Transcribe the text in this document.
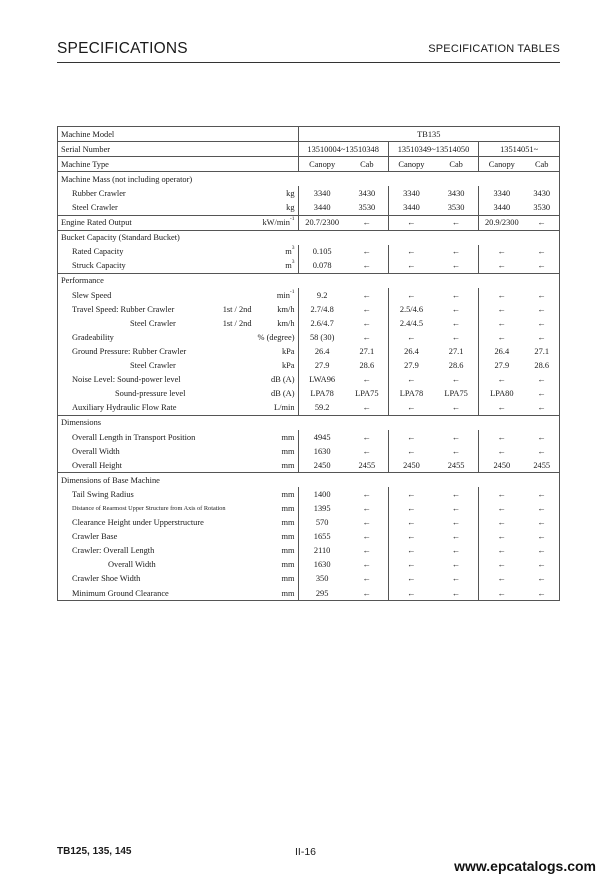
SPECIFICATIONS	SPECIFICATION TABLES
Machine Model		TB135					
Serial Number		13510004~13510348		13510349~13514050		13514051~	
Machine Type		Canopy	Cab	Canopy	Cab	Canopy	Cab
Machine Mass (not including operator)							
Rubber Crawler	kg	3340	3430	3340	3430	3340	3430
Steel Crawler	kg	3440	3530	3440	3530	3440	3530
Engine Rated Output	$kW/\min^{-1}$	20.7/2300	←	←	←	20.9/2300	←
Bucket Capacity (Standard Bucket)							
Rated Capacity	$m^3$	0.105	←	←	←	←	←
Struck Capacity	$m^3$	0.078	←	←	←	←	←
Performance							
Slew Speed	$\min^{-1}$	9.2	←	←	←	←	←
Travel Speed: Rubber Crawler 1st / 2nd	km/h	2.7/4.8	←	2.5/4.6	←	←	←
Steel Crawler 1st / 2nd	km/h	2.6/4.7	←	2.4/4.5	←	←	←
Gradeability	% (degree)	58 (30)	←	←	←	←	←
Ground Pressure: Rubber Crawler	kPa	26.4	27.1	26.4	27.1	26.4	27.1
Steel Crawler	kPa	27.9	28.6	27.9	28.6	27.9	28.6
Noise Level: Sound-power level	dB (A)	LWA96	←	←	←	←	←
Sound-pressure level	dB (A)	LPA78	LPA75	LPA78	LPA75	LPA80	←
Auxiliary Hydraulic Flow Rate	L/min	59.2	←	←	←	←	←
Dimensions							
Overall Length in Transport Position	mm	4945	←	←	←	←	←
Overall Width	mm	1630	←	←	←	←	←
Overall Height	mm	2450	2455	2450	2455	2450	2455
Dimensions of Base Machine							
Tail Swing Radius	mm	1400	←	←	←	←	←
Distance of Rearmost Upper Structure from Axis of Rotation	mm	1395	←	←	←	←	←
Clearance Height under Upperstructure	mm	570	←	←	←	←	←
Crawler Base	mm	1655	←	←	←	←	←
Crawler: Overall Length	mm	2110	←	←	←	←	←
Overall Width	mm	1630	←	←	←	←	←
Crawler Shoe Width	mm	350	←	←	←	←	←
Minimum Ground Clearance	mm	295	←	←	←	←	←
TB125, 135, 145	II-16
www.epcatalogs.com
